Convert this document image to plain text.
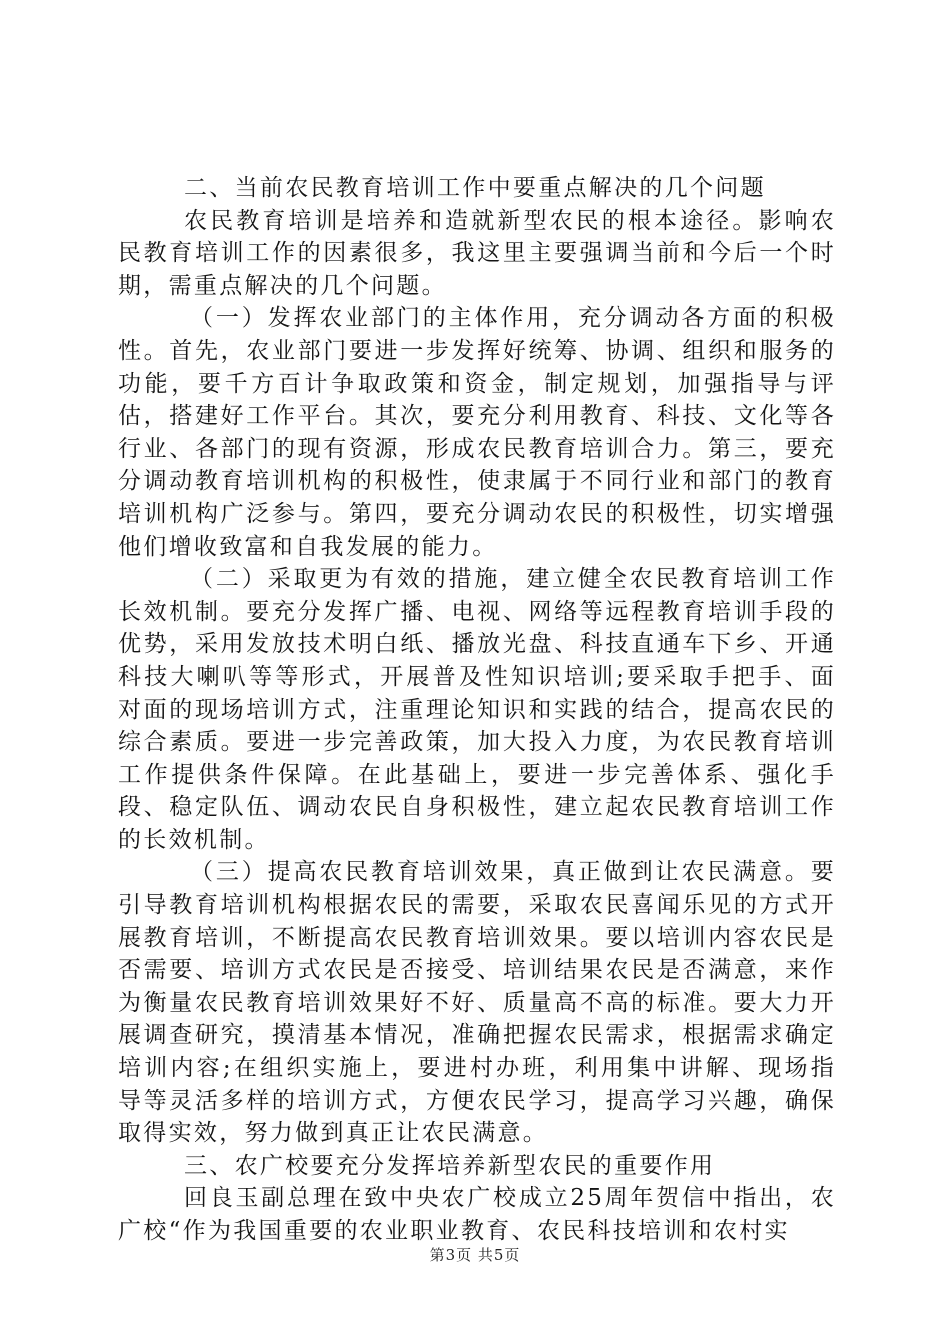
二、当前农民教育培训工作中要重点解决的几个问题

农民教育培训是培养和造就新型农民的根本途径。影响农民教育培训工作的因素很多，我这里主要强调当前和今后一个时期，需重点解决的几个问题。

（一）发挥农业部门的主体作用，充分调动各方面的积极性。首先，农业部门要进一步发挥好统筹、协调、组织和服务的功能，要千方百计争取政策和资金，制定规划，加强指导与评估，搭建好工作平台。其次，要充分利用教育、科技、文化等各行业、各部门的现有资源，形成农民教育培训合力。第三，要充分调动教育培训机构的积极性，使隶属于不同行业和部门的教育培训机构广泛参与。第四，要充分调动农民的积极性，切实增强他们增收致富和自我发展的能力。

（二）采取更为有效的措施，建立健全农民教育培训工作长效机制。要充分发挥广播、电视、网络等远程教育培训手段的优势，采用发放技术明白纸、播放光盘、科技直通车下乡、开通科技大喇叭等等形式，开展普及性知识培训;要采取手把手、面对面的现场培训方式，注重理论知识和实践的结合，提高农民的综合素质。要进一步完善政策，加大投入力度，为农民教育培训工作提供条件保障。在此基础上，要进一步完善体系、强化手段、稳定队伍、调动农民自身积极性，建立起农民教育培训工作的长效机制。

（三）提高农民教育培训效果，真正做到让农民满意。要引导教育培训机构根据农民的需要，采取农民喜闻乐见的方式开展教育培训，不断提高农民教育培训效果。要以培训内容农民是否需要、培训方式农民是否接受、培训结果农民是否满意，来作为衡量农民教育培训效果好不好、质量高不高的标准。要大力开展调查研究，摸清基本情况，准确把握农民需求，根据需求确定培训内容;在组织实施上，要进村办班，利用集中讲解、现场指导等灵活多样的培训方式，方便农民学习，提高学习兴趣，确保取得实效，努力做到真正让农民满意。

三、农广校要充分发挥培养新型农民的重要作用

回良玉副总理在致中央农广校成立25周年贺信中指出，农广校“作为我国重要的农业职业教育、农民科技培训和农村实

第3页 共5页
